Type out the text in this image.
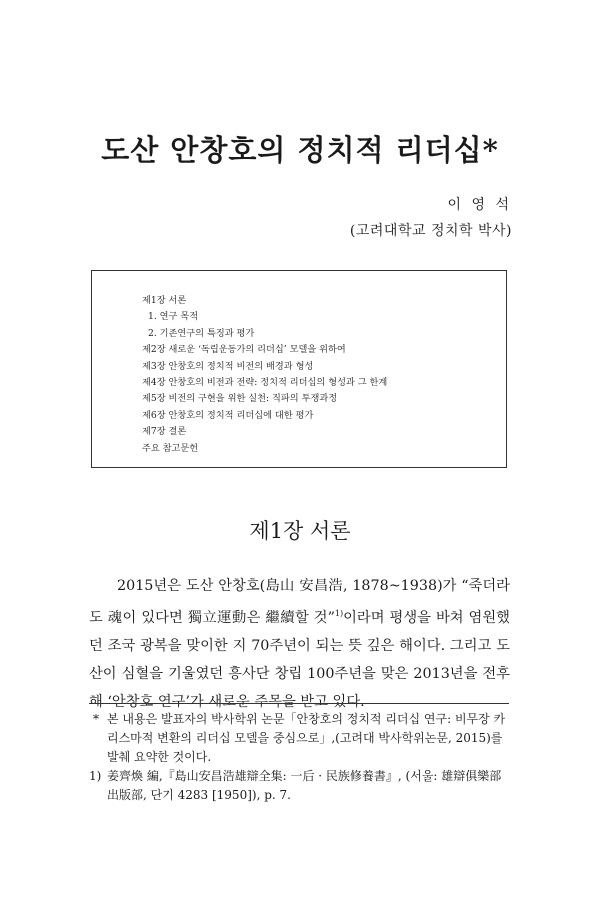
도산 안창호의 정치적 리더십*
이 영 석
(고려대학교 정치학 박사)
제1장 서론
1. 연구 목적
2. 기존연구의 특징과 평가
제2장 새로운 ‘독립운동가의 리더십’ 모델을 위하여
제3장 안창호의 정치적 비전의 배경과 형성
제4장 안창호의 비전과 전략: 정치적 리더십의 형성과 그 한계
제5장 비전의 구현을 위한 실천: 직파의 투쟁과정
제6장 안창호의 정치적 리더십에 대한 평가
제7장 결론
주요 참고문헌
제1장 서론

2015년은 도산 안창호(島山 安昌浩, 1878~1938)가 “죽더라도 魂이 있다면 獨立運動은 繼續할 것”$^{1)}$이라며 평생을 바쳐 염원했던 조국 광복을 맞이한 지 70주년이 되는 뜻 깊은 해이다. 그리고 도산이 심혈을 기울였던 흥사단 창립 100주년을 맞은 2013년을 전후해 ‘안창호 연구’가 새로운 주목을 받고 있다.

* 본 내용은 발표자의 박사학위 논문「안창호의 정치적 리더십 연구: 비무장 카리스마적 변환의 리더십 모델을 중심으로」,(고려대 박사학위논문, 2015)를 발췌 요약한 것이다.

1) 姜齊煥 編,『島山安昌浩雄辯全集: 一后 · 民族修養書』, (서울: 雄辯俱樂部出版部, 단기 4283 [1950]), p. 7.
